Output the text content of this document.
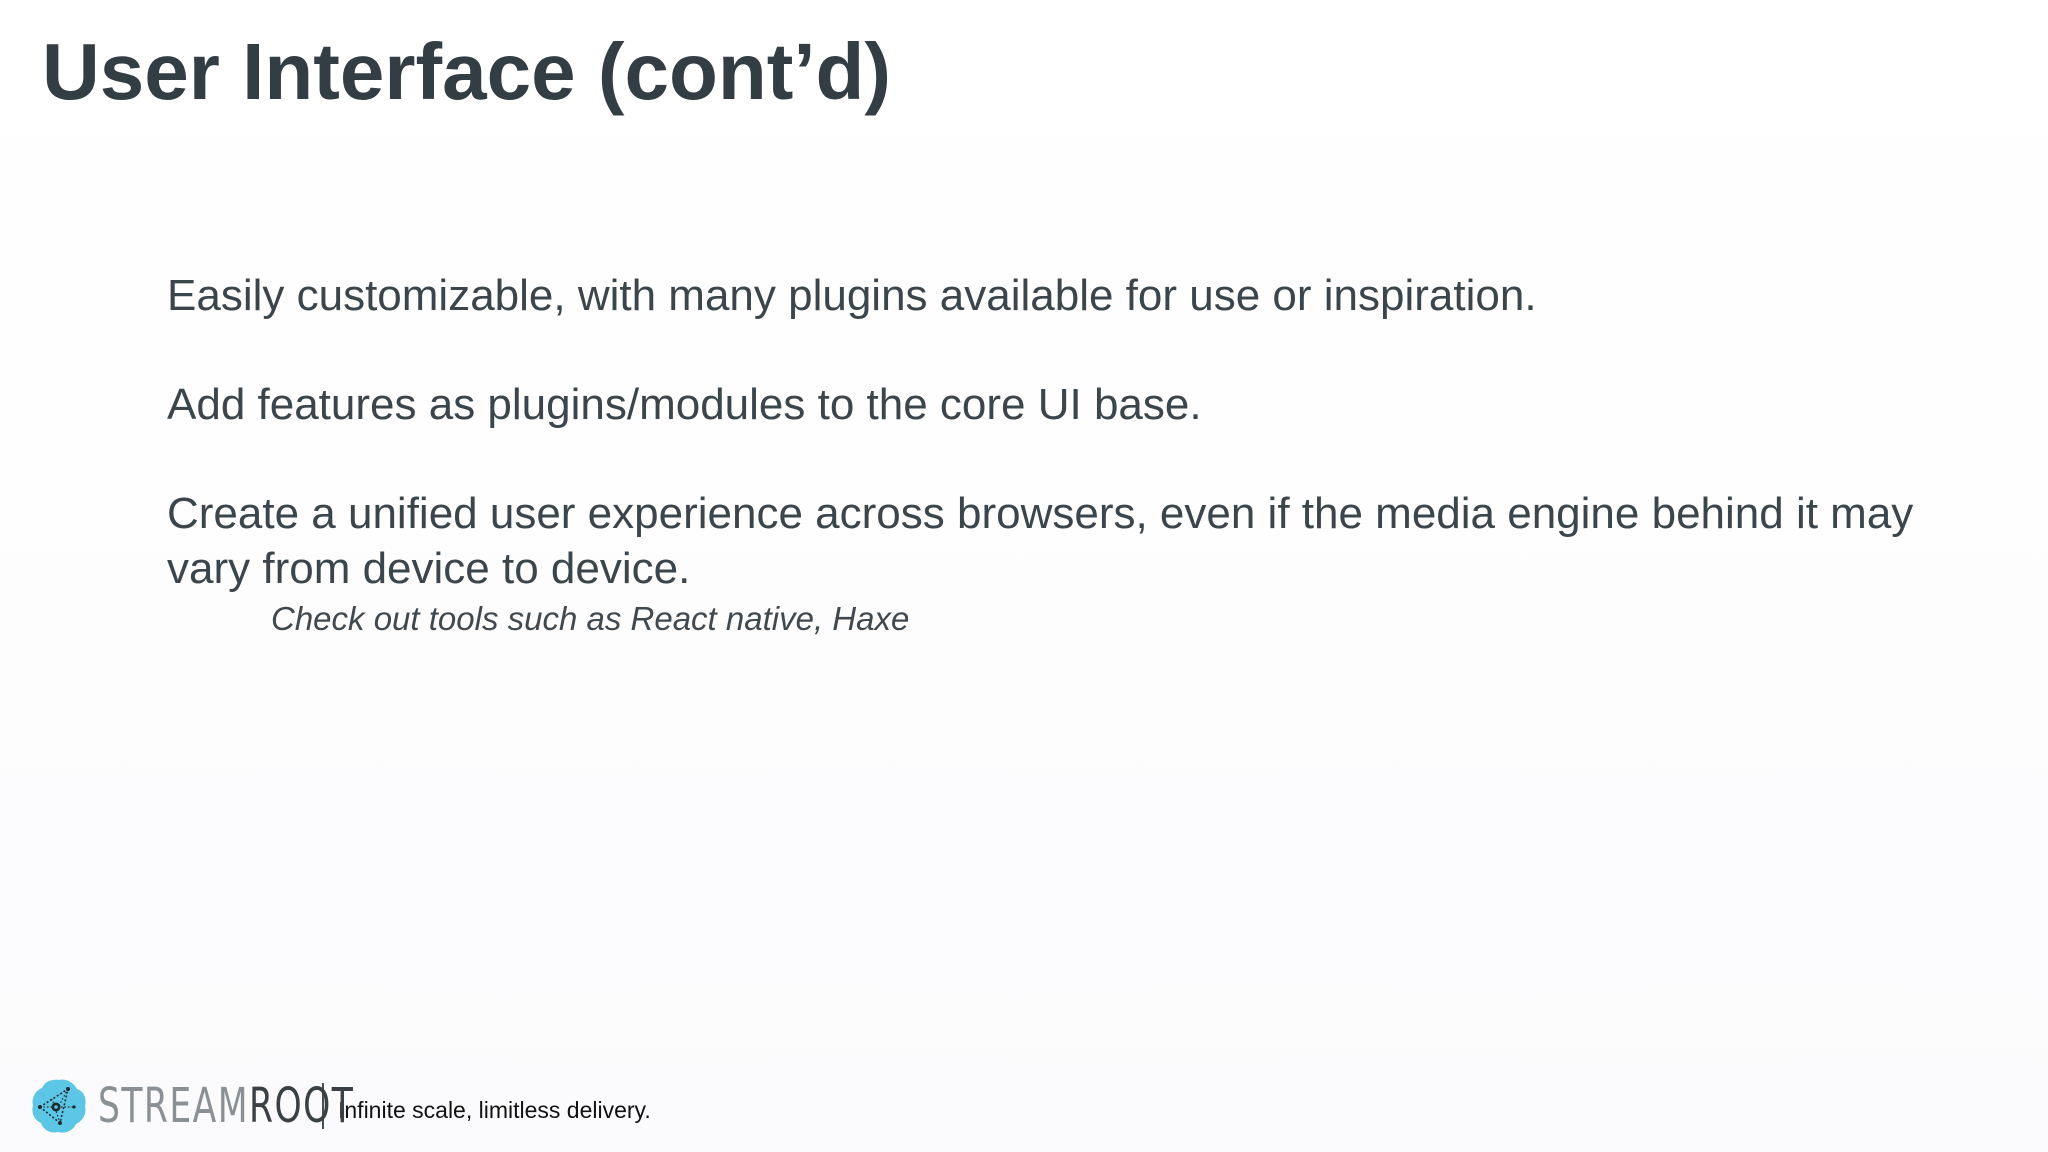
User Interface (cont’d)

Easily customizable, with many plugins available for use or inspiration.

Add features as plugins/modules to the core UI base.

Create a unified user experience across browsers, even if the media engine behind it may vary from device to device.

Check out tools such as React native, Haxe

STREAMROOT
Infinite scale, limitless delivery.
